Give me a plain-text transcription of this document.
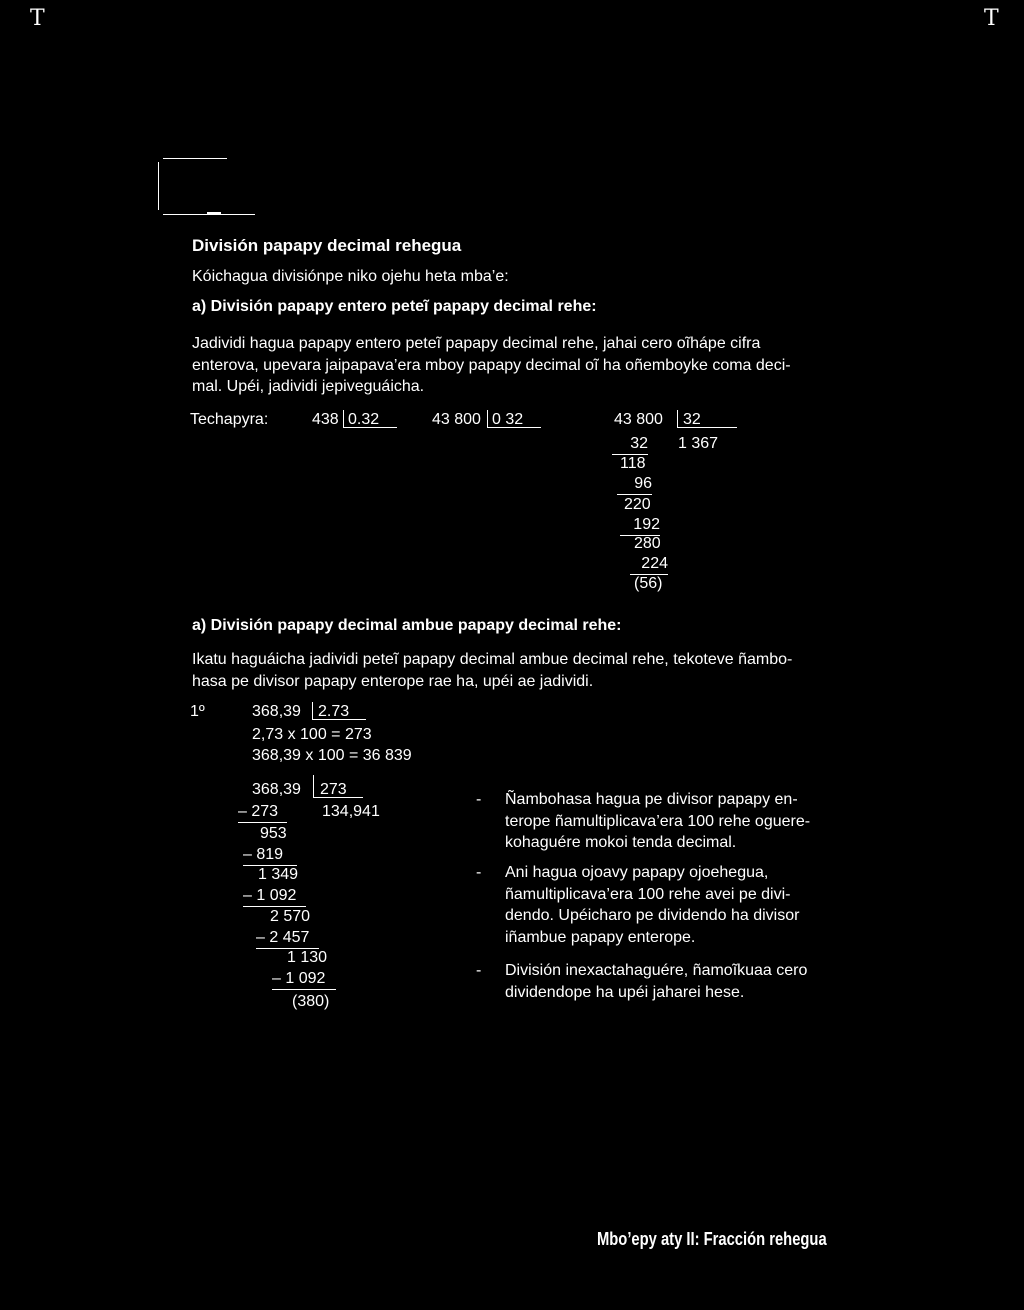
T	T
División papapy decimal rehegua
Kóichagua divisiónpe niko ojehu heta mba’e:
a) División papapy entero peteĩ papapy decimal rehe:
Jadividi hagua papapy entero peteĩ papapy decimal rehe, jahai cero oĩhápe cifra
enterova, upevara jaipapava’era mboy papapy decimal oĩ ha oñemboyke coma deci-
mal. Upéi, jadividi jepiveguáicha.
Techapyra:	438 0.32	43 800 0 32	43 800 32
1 367
32
118
96
220
192
280
224
(56)
a) División papapy decimal ambue papapy decimal rehe:
Ikatu haguáicha jadividi peteĩ papapy decimal ambue decimal rehe, tekoteve ñambo-
hasa pe divisor papapy enterope rae ha, upéi ae jadividi.
1º	368,39 2.73
2,73 x 100 = 273
368,39 x 100 = 36 839
368,39 273
134,941
– 273
953
– 819
1 349
– 1 092
2 570
– 2 457
1 130
– 1 092
(380)
- Ñambohasa hagua pe divisor papapy en-
terope ñamultiplicava’era 100 rehe oguere-
kohaguére mokoi tenda decimal.
- Ani hagua ojoavy papapy ojoehegua,
ñamultiplicava’era 100 rehe avei pe divi-
dendo. Upéicharo pe dividendo ha divisor
iñambue papapy enterope.
- División inexactahaguére, ñamoĩkuaa cero
dividendope ha upéi jaharei hese.
Mbo’epy aty II: Fracción rehegua
